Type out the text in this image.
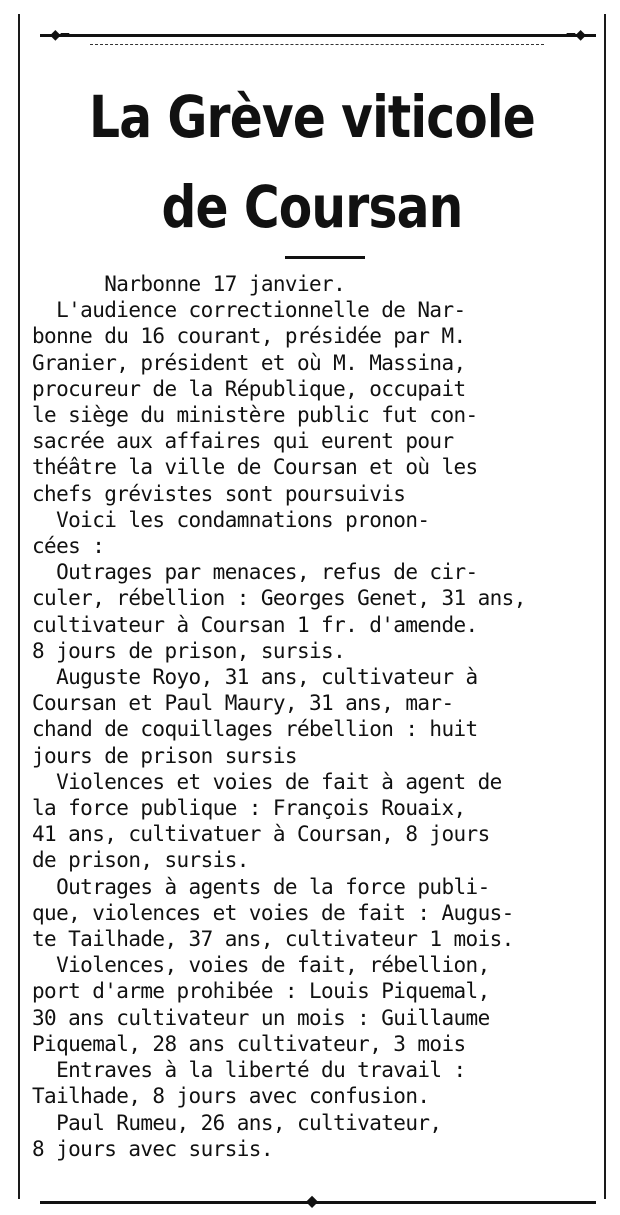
◆━	━◆
La Grève viticole
de Coursan
Narbonne 17 janvier.
L'audience correctionnelle de Nar-
bonne du 16 courant, présidée par M.
Granier, président et où M. Massina,
procureur de la République, occupait
le siège du ministère public fut con-
sacrée aux affaires qui eurent pour
théâtre la ville de Coursan et où les
chefs grévistes sont poursuivis
Voici les condamnations pronon-
cées :
Outrages par menaces, refus de cir-
culer, rébellion : Georges Genet, 31 ans,
cultivateur à Coursan 1 fr. d'amende.
8 jours de prison, sursis.
Auguste Royo, 31 ans, cultivateur à
Coursan et Paul Maury, 31 ans, mar-
chand de coquillages rébellion : huit
jours de prison sursis
Violences et voies de fait à agent de
la force publique : François Rouaix,
41 ans, cultivatuer à Coursan, 8 jours
de prison, sursis.
Outrages à agents de la force publi-
que, violences et voies de fait : Augus-
te Tailhade, 37 ans, cultivateur 1 mois.
Violences, voies de fait, rébellion,
port d'arme prohibée : Louis Piquemal,
30 ans cultivateur un mois : Guillaume
Piquemal, 28 ans cultivateur, 3 mois
Entraves à la liberté du travail :
Tailhade, 8 jours avec confusion.
Paul Rumeu, 26 ans, cultivateur,
8 jours avec sursis.
◆
